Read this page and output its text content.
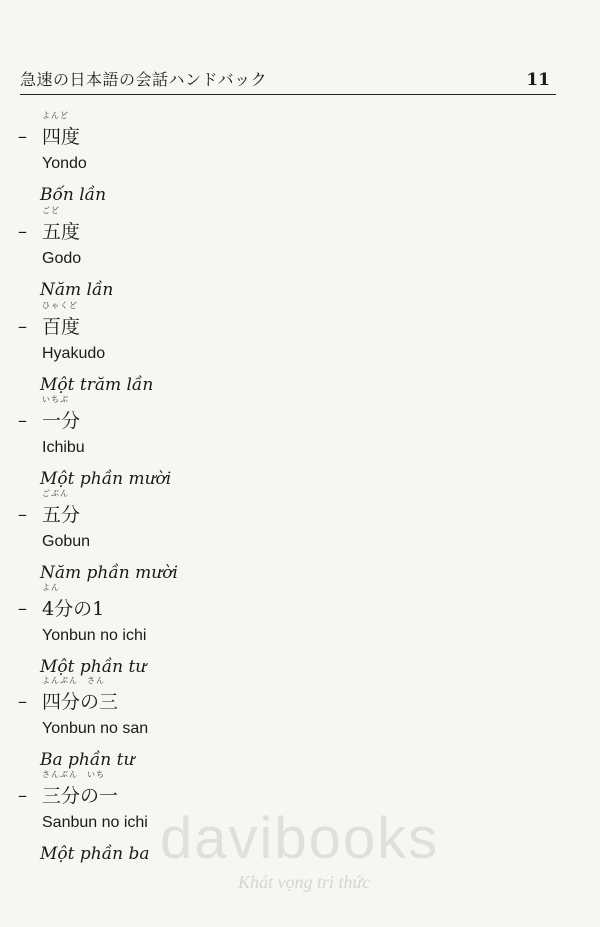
急速の日本語の会話ハンドバック	11
–
よんど
四度
Yondo
Bốn lần
–
ごど
五度
Godo
Năm lần
–
ひゃくど
百度
Hyakudo
Một trăm lần
–
いちぶ
一分
Ichibu
Một phần mười
–
ごぶん
五分
Gobun
Năm phần mười
–
よん
4分の1
Yonbun no ichi
Một phần tư
–
よんぶん　さん
四分の三
Yonbun no san
Ba phần tư
–
さんぶん　いち
三分の一
Sanbun no ichi
Một phần ba davibooks
Khát vọng tri thức
